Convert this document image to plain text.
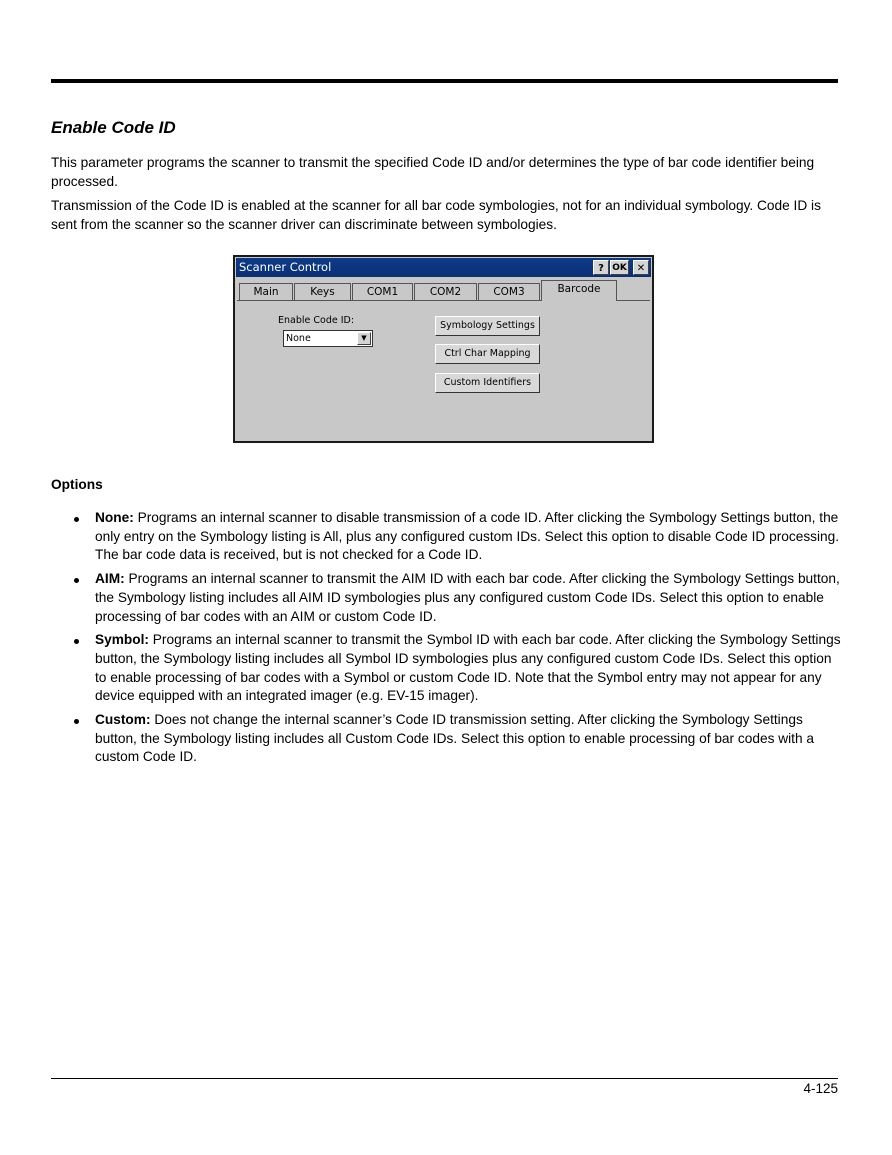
Enable Code ID

This parameter programs the scanner to transmit the specified Code ID and/or determines the type of bar code identifier being processed.

Transmission of the Code ID is enabled at the scanner for all bar code symbologies, not for an individual symbology. Code ID is sent from the scanner so the scanner driver can discriminate between symbologies.

Scanner Control	? OK ✕
Main	Keys	COM1	COM2	COM3	Barcode
Enable Code ID:
None	▼
Symbology Settings
Ctrl Char Mapping
Custom Identifiers
Options
None: Programs an internal scanner to disable transmission of a code ID. After clicking the Symbology Settings button, the only entry on the Symbology listing is All, plus any configured custom IDs. Select this option to disable Code ID processing. The bar code data is received, but is not checked for a Code ID.
AIM: Programs an internal scanner to transmit the AIM ID with each bar code. After clicking the Symbology Settings button, the Symbology listing includes all AIM ID symbologies plus any configured custom Code IDs. Select this option to enable processing of bar codes with an AIM or custom Code ID.
Symbol: Programs an internal scanner to transmit the Symbol ID with each bar code. After clicking the Symbology Settings button, the Symbology listing includes all Symbol ID symbologies plus any configured custom Code IDs. Select this option to enable processing of bar codes with a Symbol or custom Code ID. Note that the Symbol entry may not appear for any device equipped with an integrated imager (e.g. EV-15 imager).
Custom: Does not change the internal scanner’s Code ID transmission setting. After clicking the Symbology Settings button, the Symbology listing includes all Custom Code IDs. Select this option to enable processing of bar codes with a custom Code ID.
4-125
